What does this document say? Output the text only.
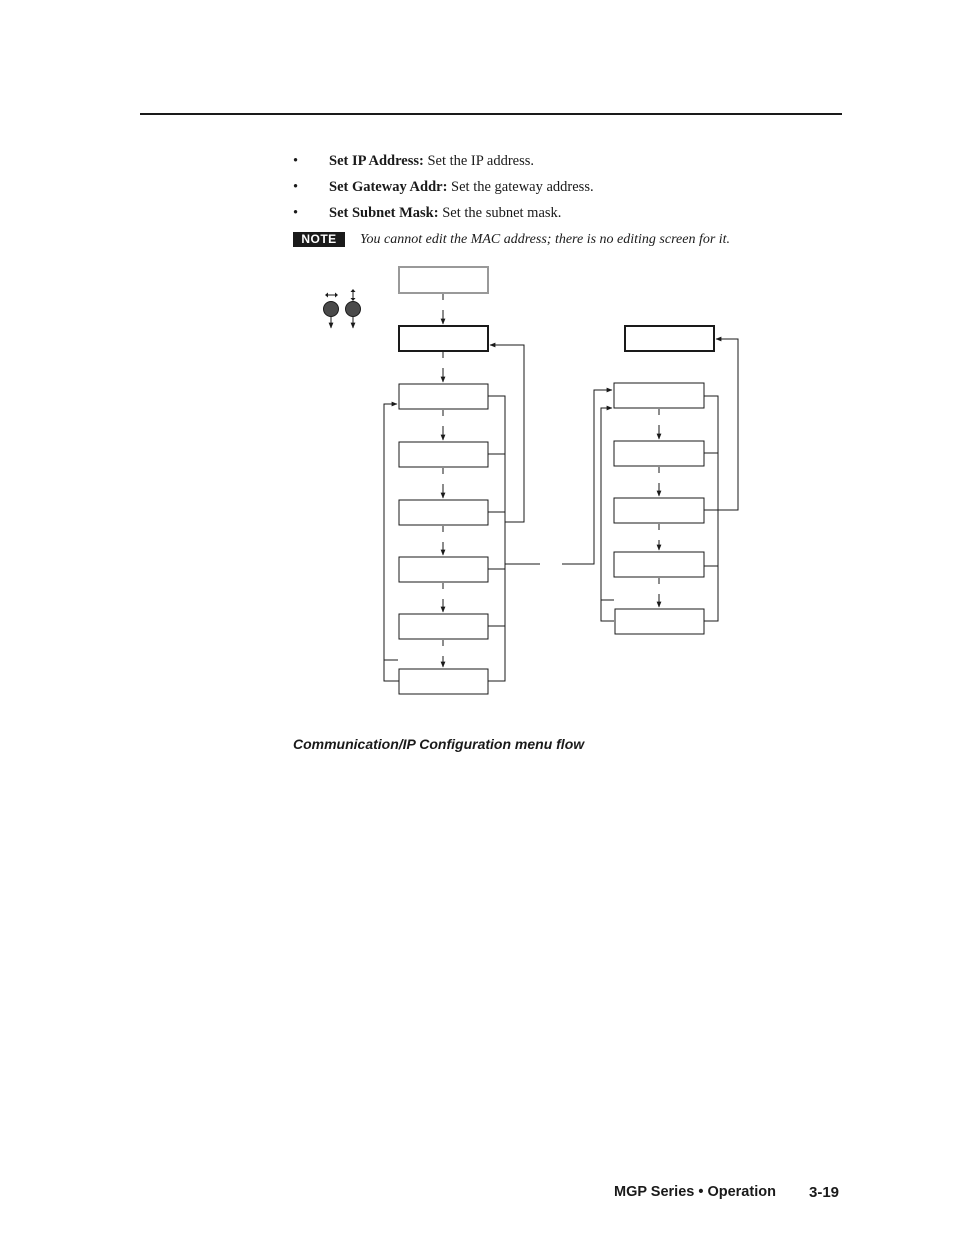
• Set IP Address: Set the IP address.
• Set Gateway Addr: Set the gateway address.
• Set Subnet Mask: Set the subnet mask.
NOTE	You cannot edit the MAC address; there is no editing screen for it.
Communication/IP Configuration menu flow
MGP Series • Operation 3-19
